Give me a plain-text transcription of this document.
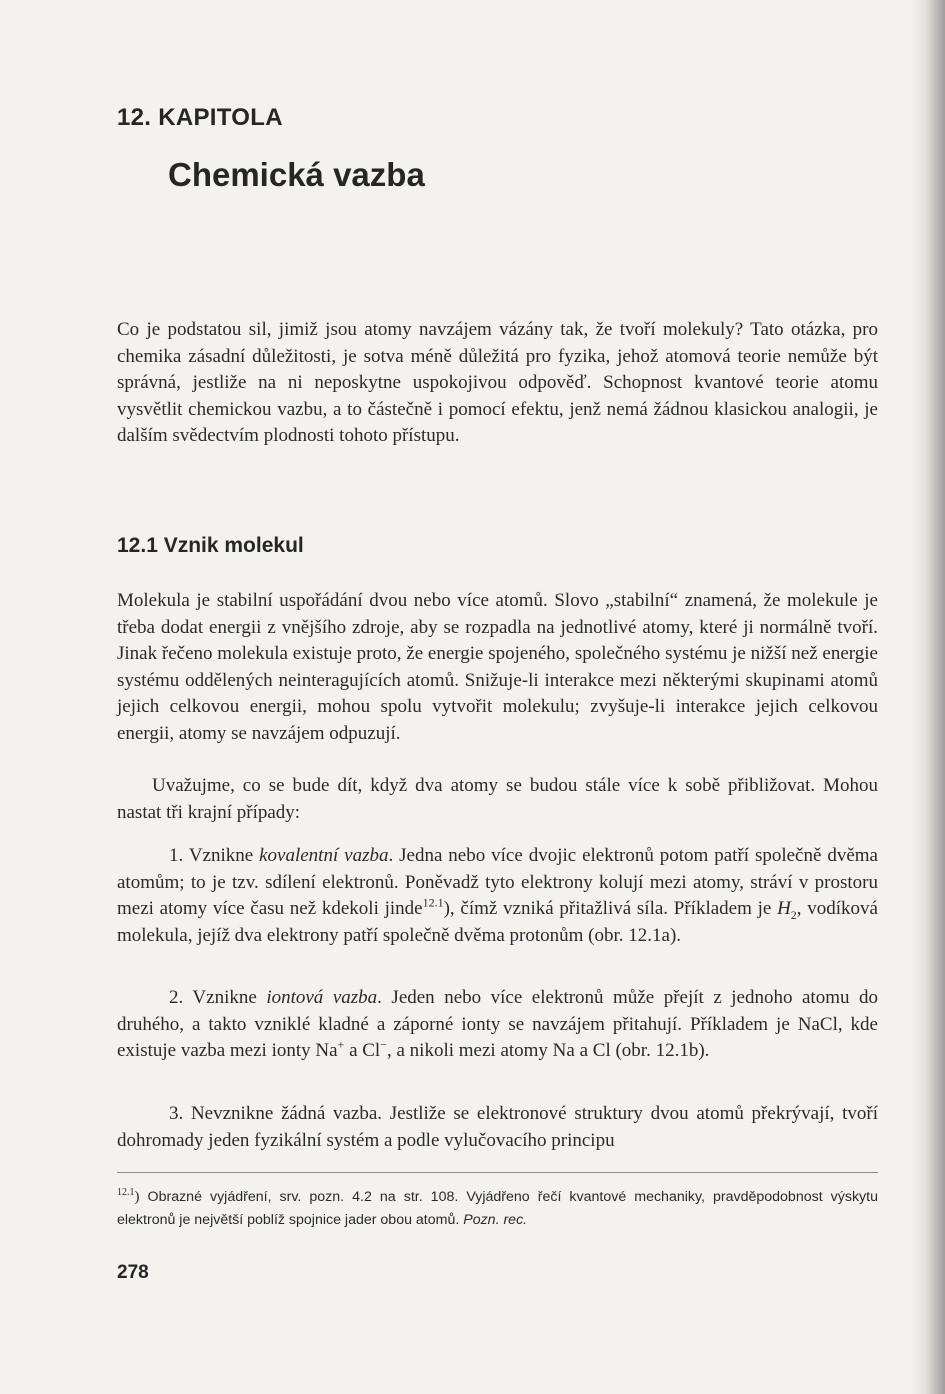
12. KAPITOLA
Chemická vazba

Co je podstatou sil, jimiž jsou atomy navzájem vázány tak, že tvoří molekuly? Tato otázka, pro chemika zásadní důležitosti, je sotva méně důležitá pro fyzika, jehož atomová teorie nemůže být správná, jestliže na ni neposkytne uspokojivou odpověď. Schopnost kvantové teorie atomu vysvětlit chemickou vazbu, a to částečně i pomocí efektu, jenž nemá žádnou klasickou analogii, je dalším svědectvím plodnosti tohoto přístupu.

12.1 Vznik molekul

Molekula je stabilní uspořádání dvou nebo více atomů. Slovo „stabilní“ znamená, že molekule je třeba dodat energii z vnějšího zdroje, aby se rozpadla na jednotlivé atomy, které ji normálně tvoří. Jinak řečeno molekula existuje proto, že energie spojeného, společného systému je nižší než energie systému oddělených neinteragujících atomů. Snižuje-li interakce mezi některými skupinami atomů jejich celkovou energii, mohou spolu vytvořit molekulu; zvyšuje-li interakce jejich celkovou energii, atomy se navzájem odpuzují.

Uvažujme, co se bude dít, když dva atomy se budou stále více k sobě přibližovat. Mohou nastat tři krajní případy:

1. Vznikne kovalentní vazba. Jedna nebo více dvojic elektronů potom patří společně dvěma atomům; to je tzv. sdílení elektronů. Poněvadž tyto elektrony kolují mezi atomy, stráví v prostoru mezi atomy více času než kdekoli jinde$^{12.1}$), čímž vzniká přitažlivá síla. Příkladem je $H_2$, vodíková molekula, jejíž dva elektrony patří společně dvěma protonům (obr. 12.1a).

2. Vznikne iontová vazba. Jeden nebo více elektronů může přejít z jednoho atomu do druhého, a takto vzniklé kladné a záporné ionty se navzájem přitahují. Příkladem je NaCl, kde existuje vazba mezi ionty Na+ a Cl−, a nikoli mezi atomy Na a Cl (obr. 12.1b).

3. Nevznikne žádná vazba. Jestliže se elektronové struktury dvou atomů překrývají, tvoří dohromady jeden fyzikální systém a podle vylučovacího principu

$^{12.1}$) Obrazné vyjádření, srv. pozn. 4.2 na str. 108. Vyjádřeno řečí kvantové mechaniky, pravděpodobnost výskytu elektronů je největší poblíž spojnice jader obou atomů. Pozn. rec.

278
